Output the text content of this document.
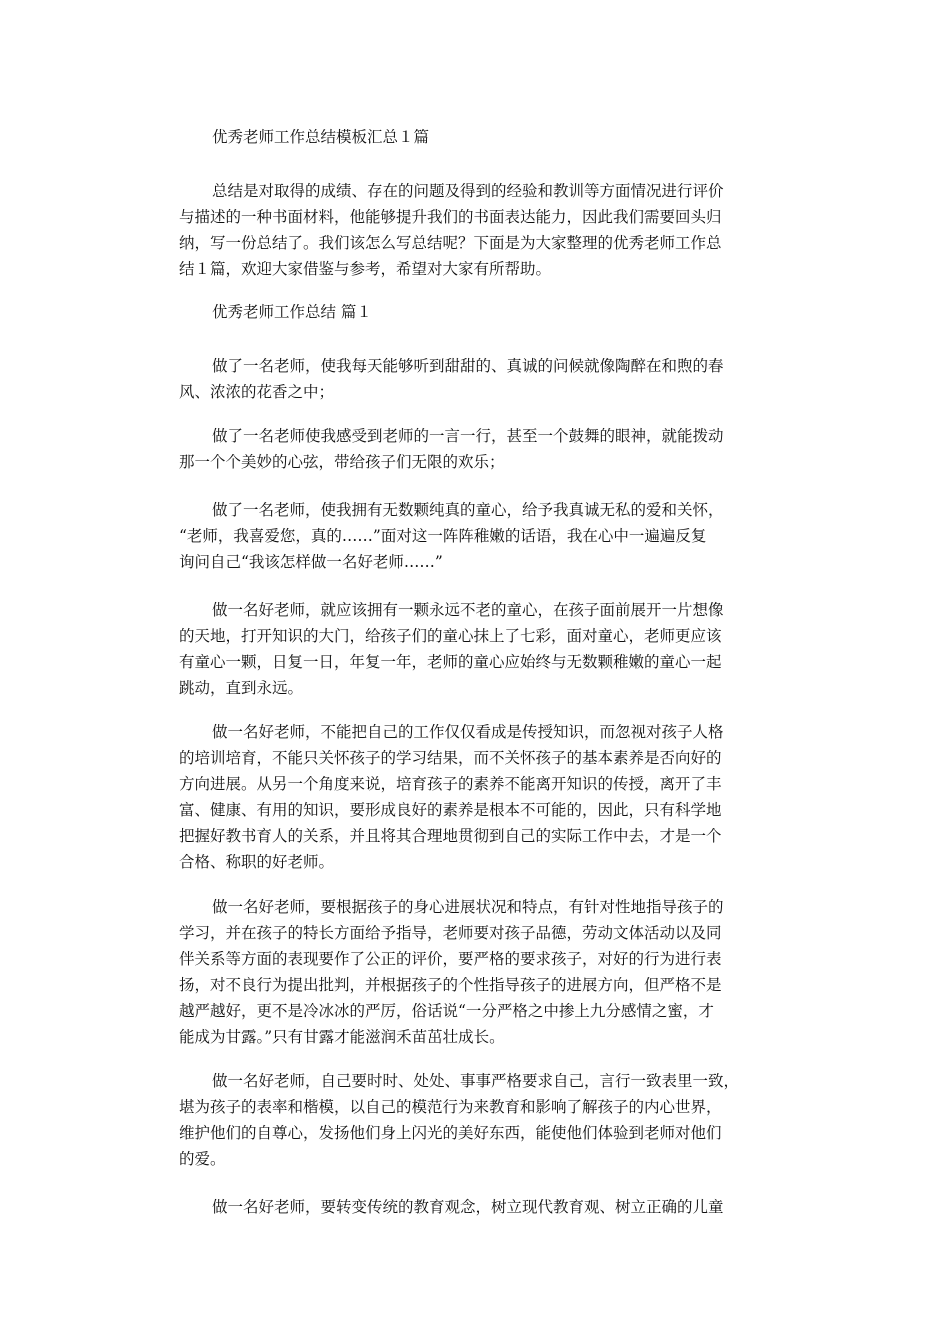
优秀老师工作总结模板汇总１篇

总结是对取得的成绩、存在的问题及得到的经验和教训等方面情况进行评价
与描述的一种书面材料，他能够提升我们的书面表达能力，因此我们需要回头归
纳，写一份总结了。我们该怎么写总结呢？下面是为大家整理的优秀老师工作总
结１篇，欢迎大家借鉴与参考，希望对大家有所帮助。

优秀老师工作总结 篇１

做了一名老师，使我每天能够听到甜甜的、真诚的问候就像陶醉在和煦的春
风、浓浓的花香之中；

做了一名老师使我感受到老师的一言一行，甚至一个鼓舞的眼神，就能拨动
那一个个美妙的心弦，带给孩子们无限的欢乐；

做了一名老师，使我拥有无数颗纯真的童心，给予我真诚无私的爱和关怀，
“老师，我喜爱您，真的……”面对这一阵阵稚嫩的话语，我在心中一遍遍反复
询问自己“我该怎样做一名好老师……”

做一名好老师，就应该拥有一颗永远不老的童心，在孩子面前展开一片想像
的天地，打开知识的大门，给孩子们的童心抹上了七彩，面对童心，老师更应该
有童心一颗，日复一日，年复一年，老师的童心应始终与无数颗稚嫩的童心一起
跳动，直到永远。

做一名好老师，不能把自己的工作仅仅看成是传授知识，而忽视对孩子人格
的培训培育，不能只关怀孩子的学习结果，而不关怀孩子的基本素养是否向好的
方向进展。从另一个角度来说，培育孩子的素养不能离开知识的传授，离开了丰
富、健康、有用的知识，要形成良好的素养是根本不可能的，因此，只有科学地
把握好教书育人的关系，并且将其合理地贯彻到自己的实际工作中去，才是一个
合格、称职的好老师。

做一名好老师，要根据孩子的身心进展状况和特点，有针对性地指导孩子的
学习，并在孩子的特长方面给予指导，老师要对孩子品德，劳动文体活动以及同
伴关系等方面的表现要作了公正的评价，要严格的要求孩子，对好的行为进行表
扬，对不良行为提出批判，并根据孩子的个性指导孩子的进展方向，但严格不是
越严越好，更不是冷冰冰的严厉，俗话说“一分严格之中掺上九分感情之蜜，才
能成为甘露。”只有甘露才能滋润禾苗茁壮成长。

做一名好老师，自己要时时、处处、事事严格要求自己，言行一致表里一致，
堪为孩子的表率和楷模，以自己的模范行为来教育和影响了解孩子的内心世界，
维护他们的自尊心，发扬他们身上闪光的美好东西，能使他们体验到老师对他们
的爱。

做一名好老师，要转变传统的教育观念，树立现代教育观、树立正确的儿童
